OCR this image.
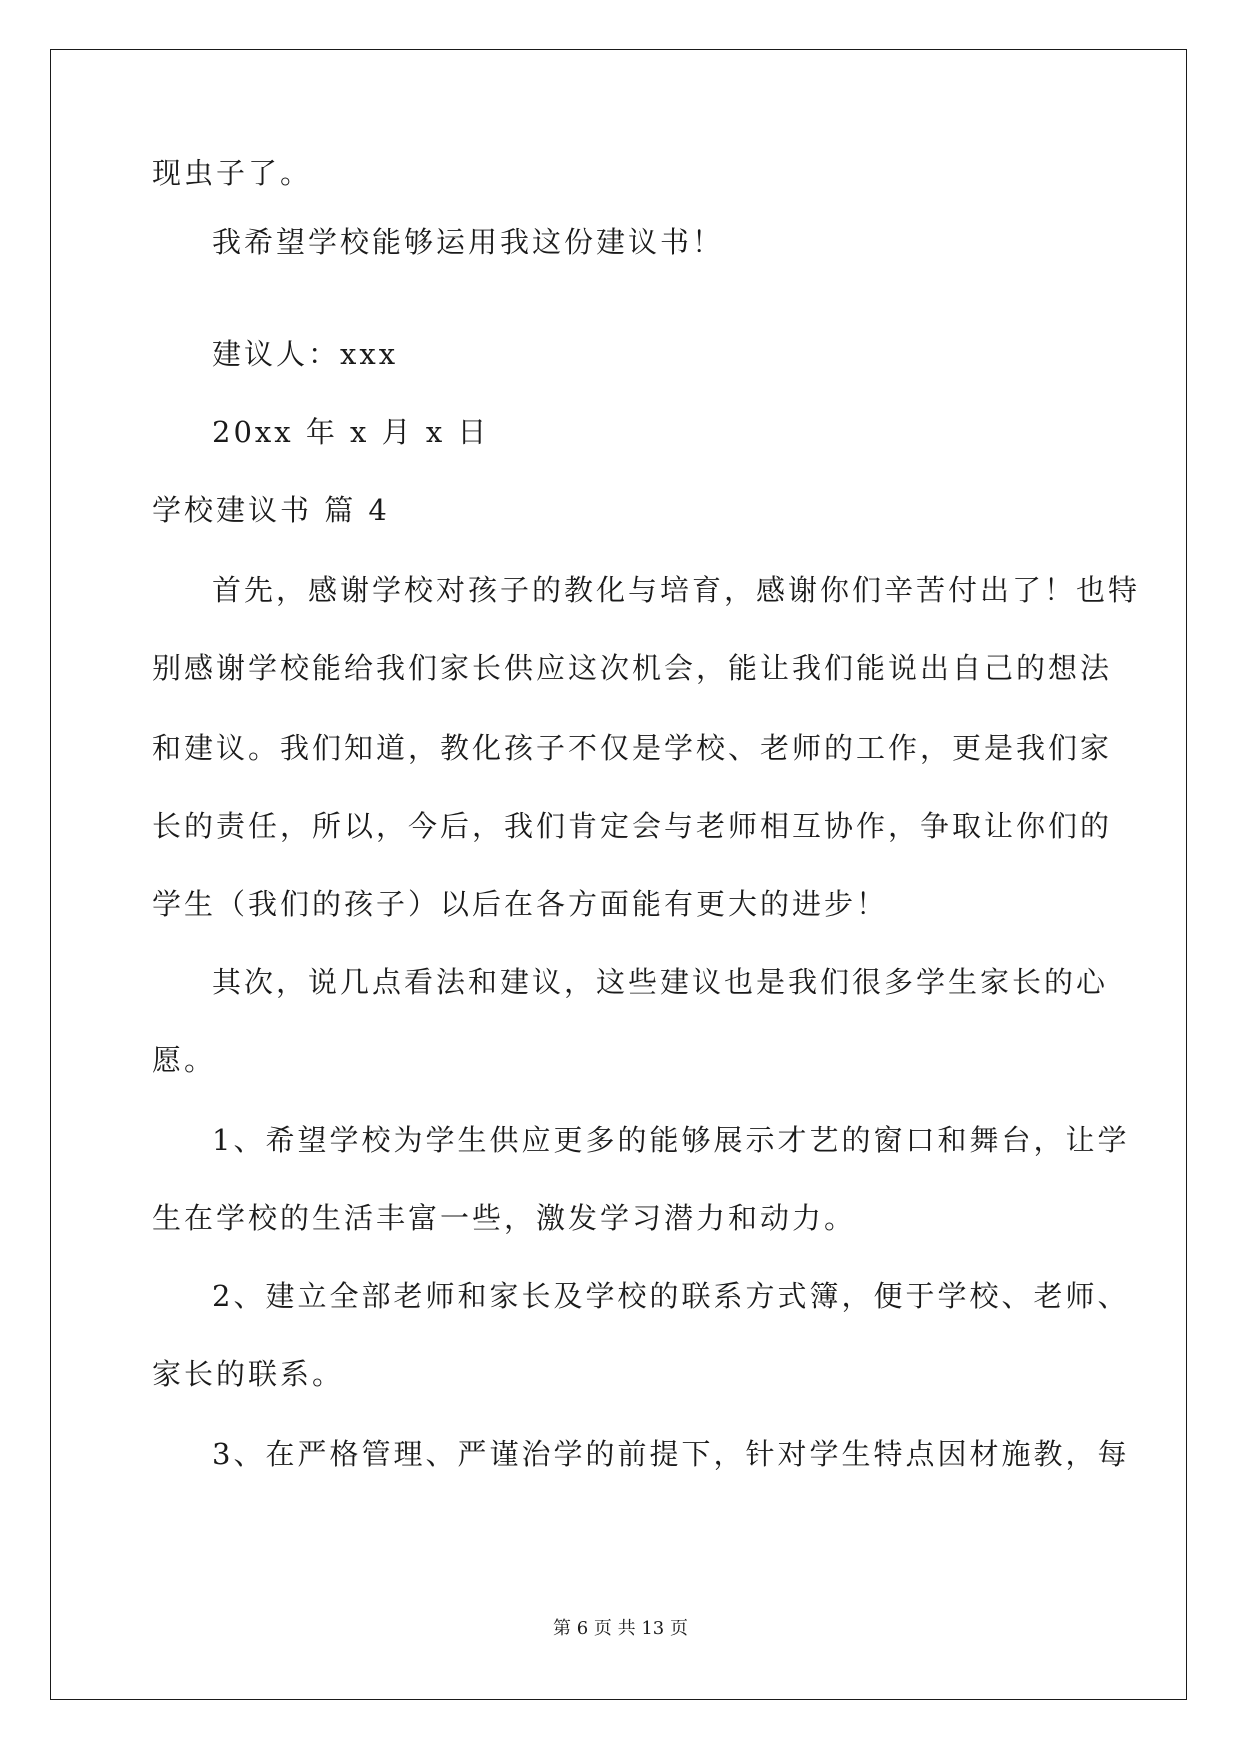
现虫子了。
我希望学校能够运用我这份建议书！
建议人：xxx
20xx 年 x 月 x 日
学校建议书 篇 4
首先，感谢学校对孩子的教化与培育，感谢你们辛苦付出了！也特
别感谢学校能给我们家长供应这次机会，能让我们能说出自己的想法
和建议。我们知道，教化孩子不仅是学校、老师的工作，更是我们家
长的责任，所以，今后，我们肯定会与老师相互协作，争取让你们的
学生（我们的孩子）以后在各方面能有更大的进步！
其次，说几点看法和建议，这些建议也是我们很多学生家长的心
愿。
1、希望学校为学生供应更多的能够展示才艺的窗口和舞台，让学
生在学校的生活丰富一些，激发学习潜力和动力。
2、建立全部老师和家长及学校的联系方式簿，便于学校、老师、
家长的联系。
3、在严格管理、严谨治学的前提下，针对学生特点因材施教，每
第 6 页 共 13 页
